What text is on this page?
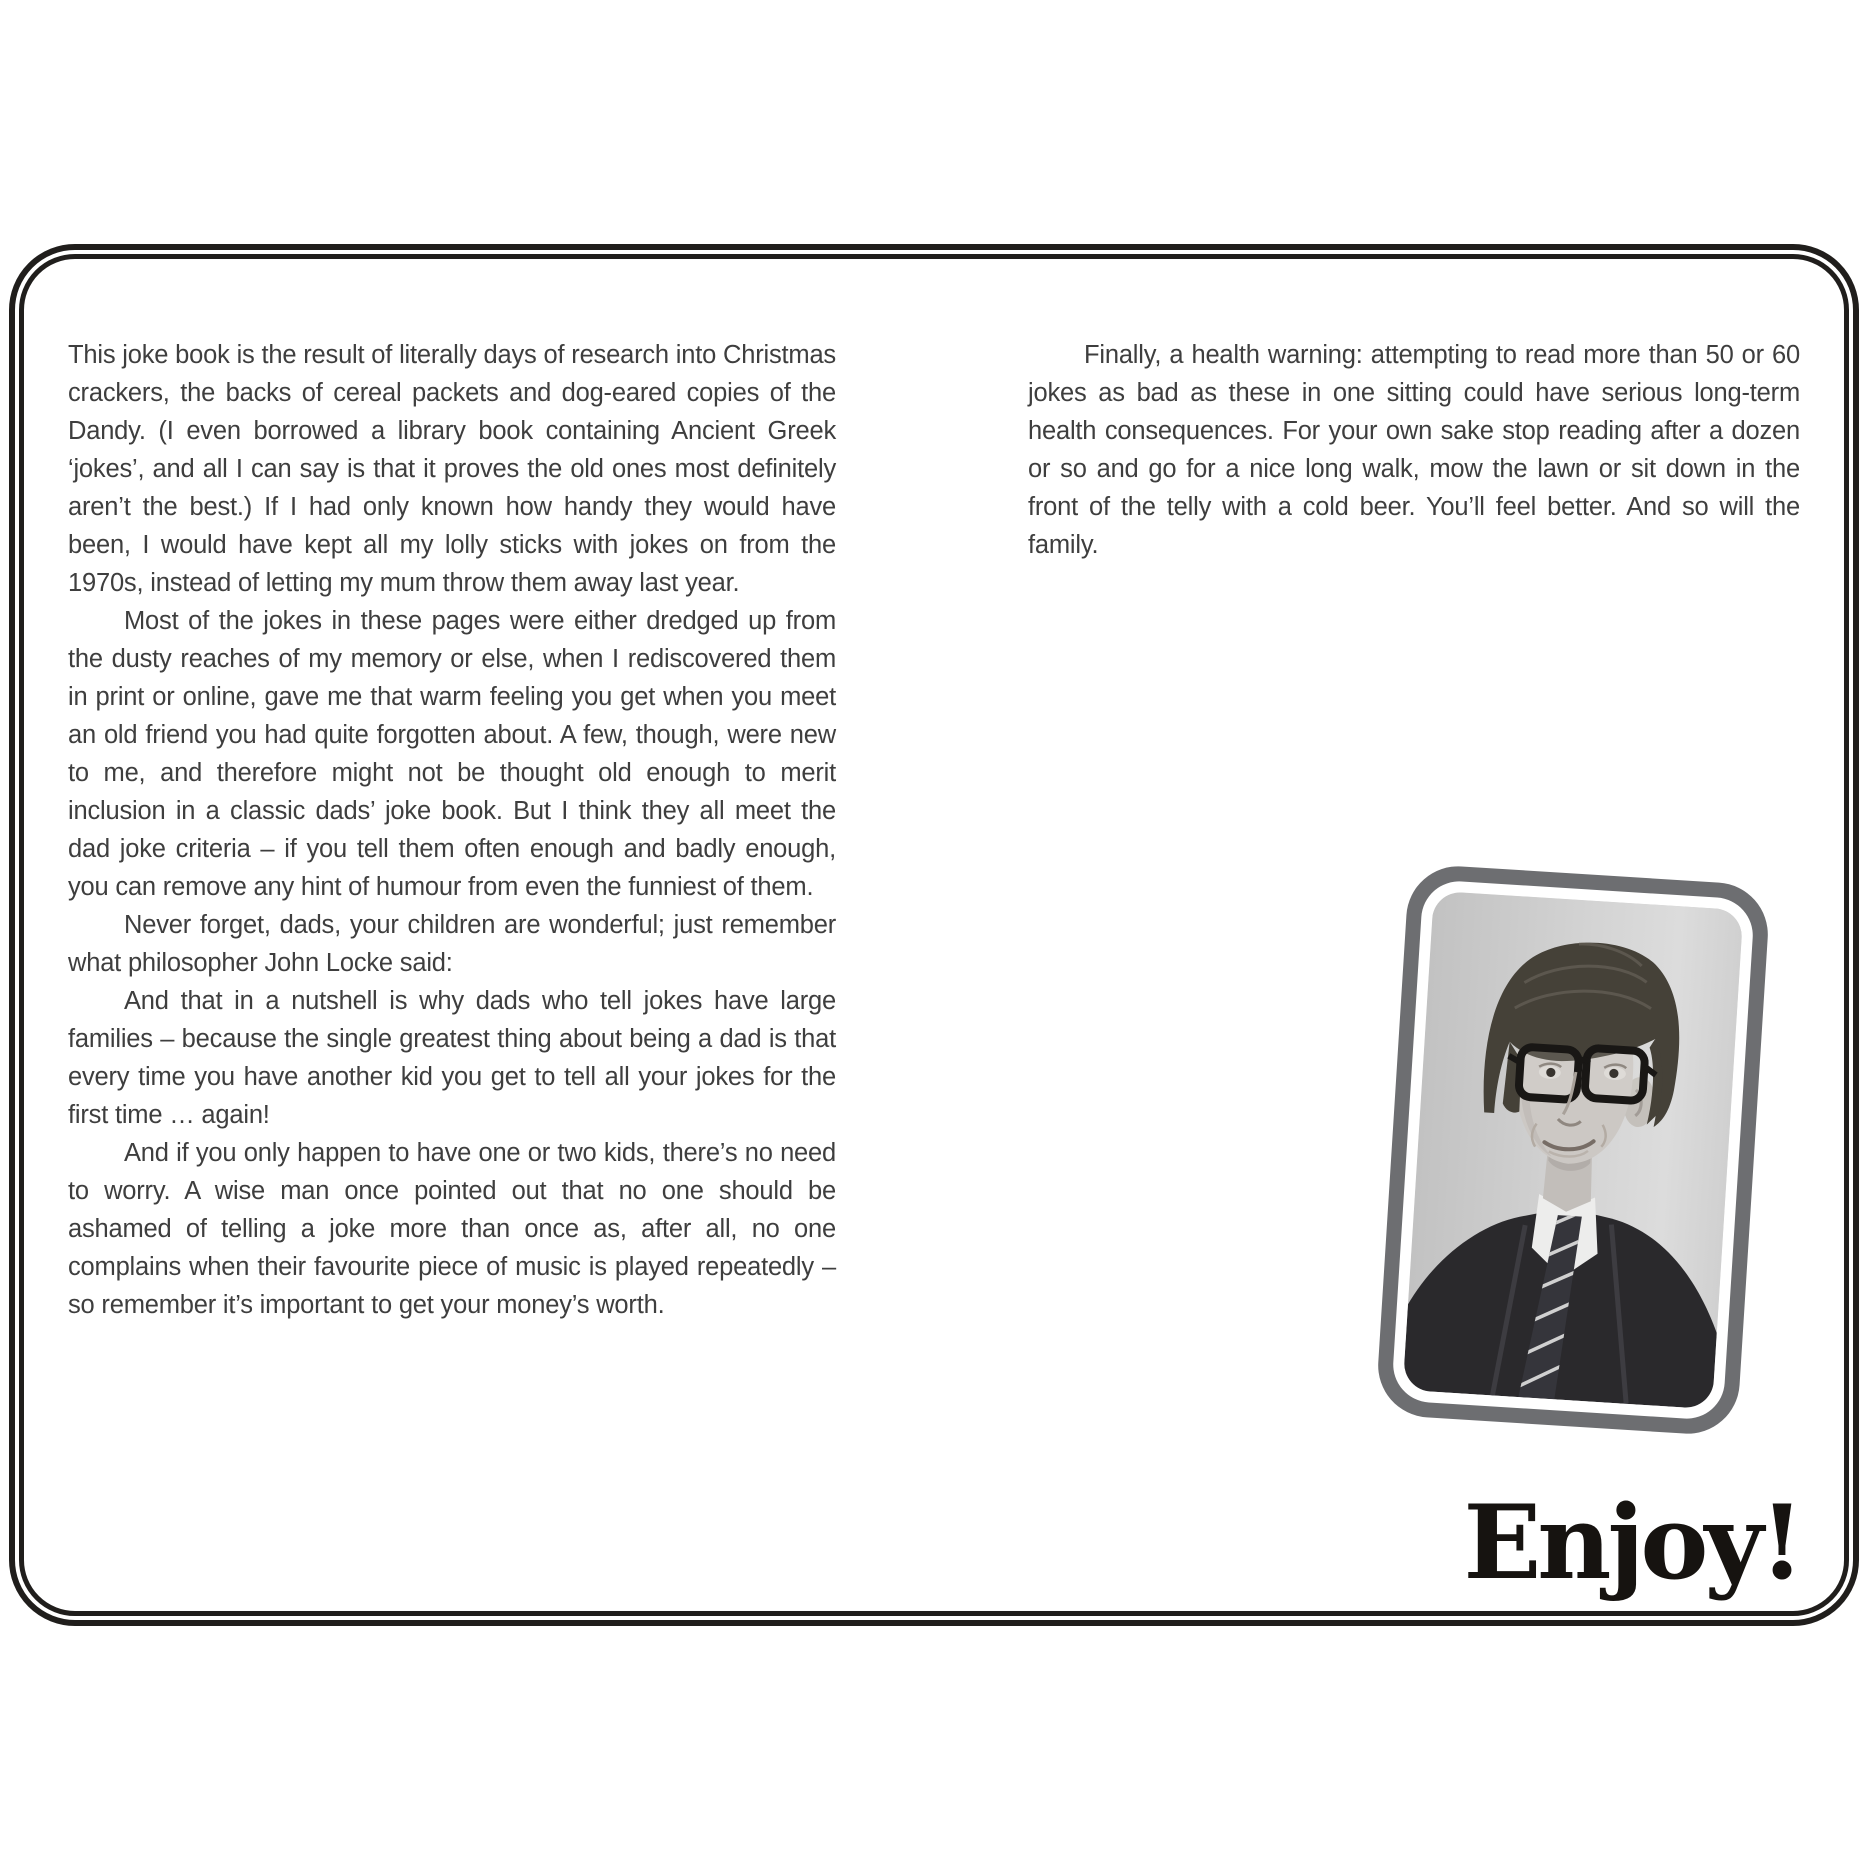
This joke book is the result of literally days of research into Christmas crackers, the backs of cereal packets and dog-eared copies of the Dandy. (I even borrowed a library book containing Ancient Greek ‘jokes’, and all I can say is that it proves the old ones most definitely aren’t the best.) If I had only known how handy they would have been, I would have kept all my lolly sticks with jokes on from the 1970s, instead of letting my mum throw them away last year.

Most of the jokes in these pages were either dredged up from the dusty reaches of my memory or else, when I rediscovered them in print or online, gave me that warm feeling you get when you meet an old friend you had quite forgotten about. A few, though, were new to me, and therefore might not be thought old enough to merit inclusion in a classic dads’ joke book. But I think they all meet the dad joke criteria – if you tell them often enough and badly enough, you can remove any hint of humour from even the funniest of them.

Never forget, dads, your children are wonderful; just remember what philosopher John Locke said:

And that in a nutshell is why dads who tell jokes have large families – because the single greatest thing about being a dad is that every time you have another kid you get to tell all your jokes for the first time … again!

And if you only happen to have one or two kids, there’s no need to worry. A wise man once pointed out that no one should be ashamed of telling a joke more than once as, after all, no one complains when their favourite piece of music is played repeatedly – so remember it’s important to get your money’s worth.

Finally, a health warning: attempting to read more than 50 or 60 jokes as bad as these in one sitting could have serious long-term health consequences. For your own sake stop reading after a dozen or so and go for a nice long walk, mow the lawn or sit down in the front of the telly with a cold beer. You’ll feel better. And so will the family.

Enjoy!
